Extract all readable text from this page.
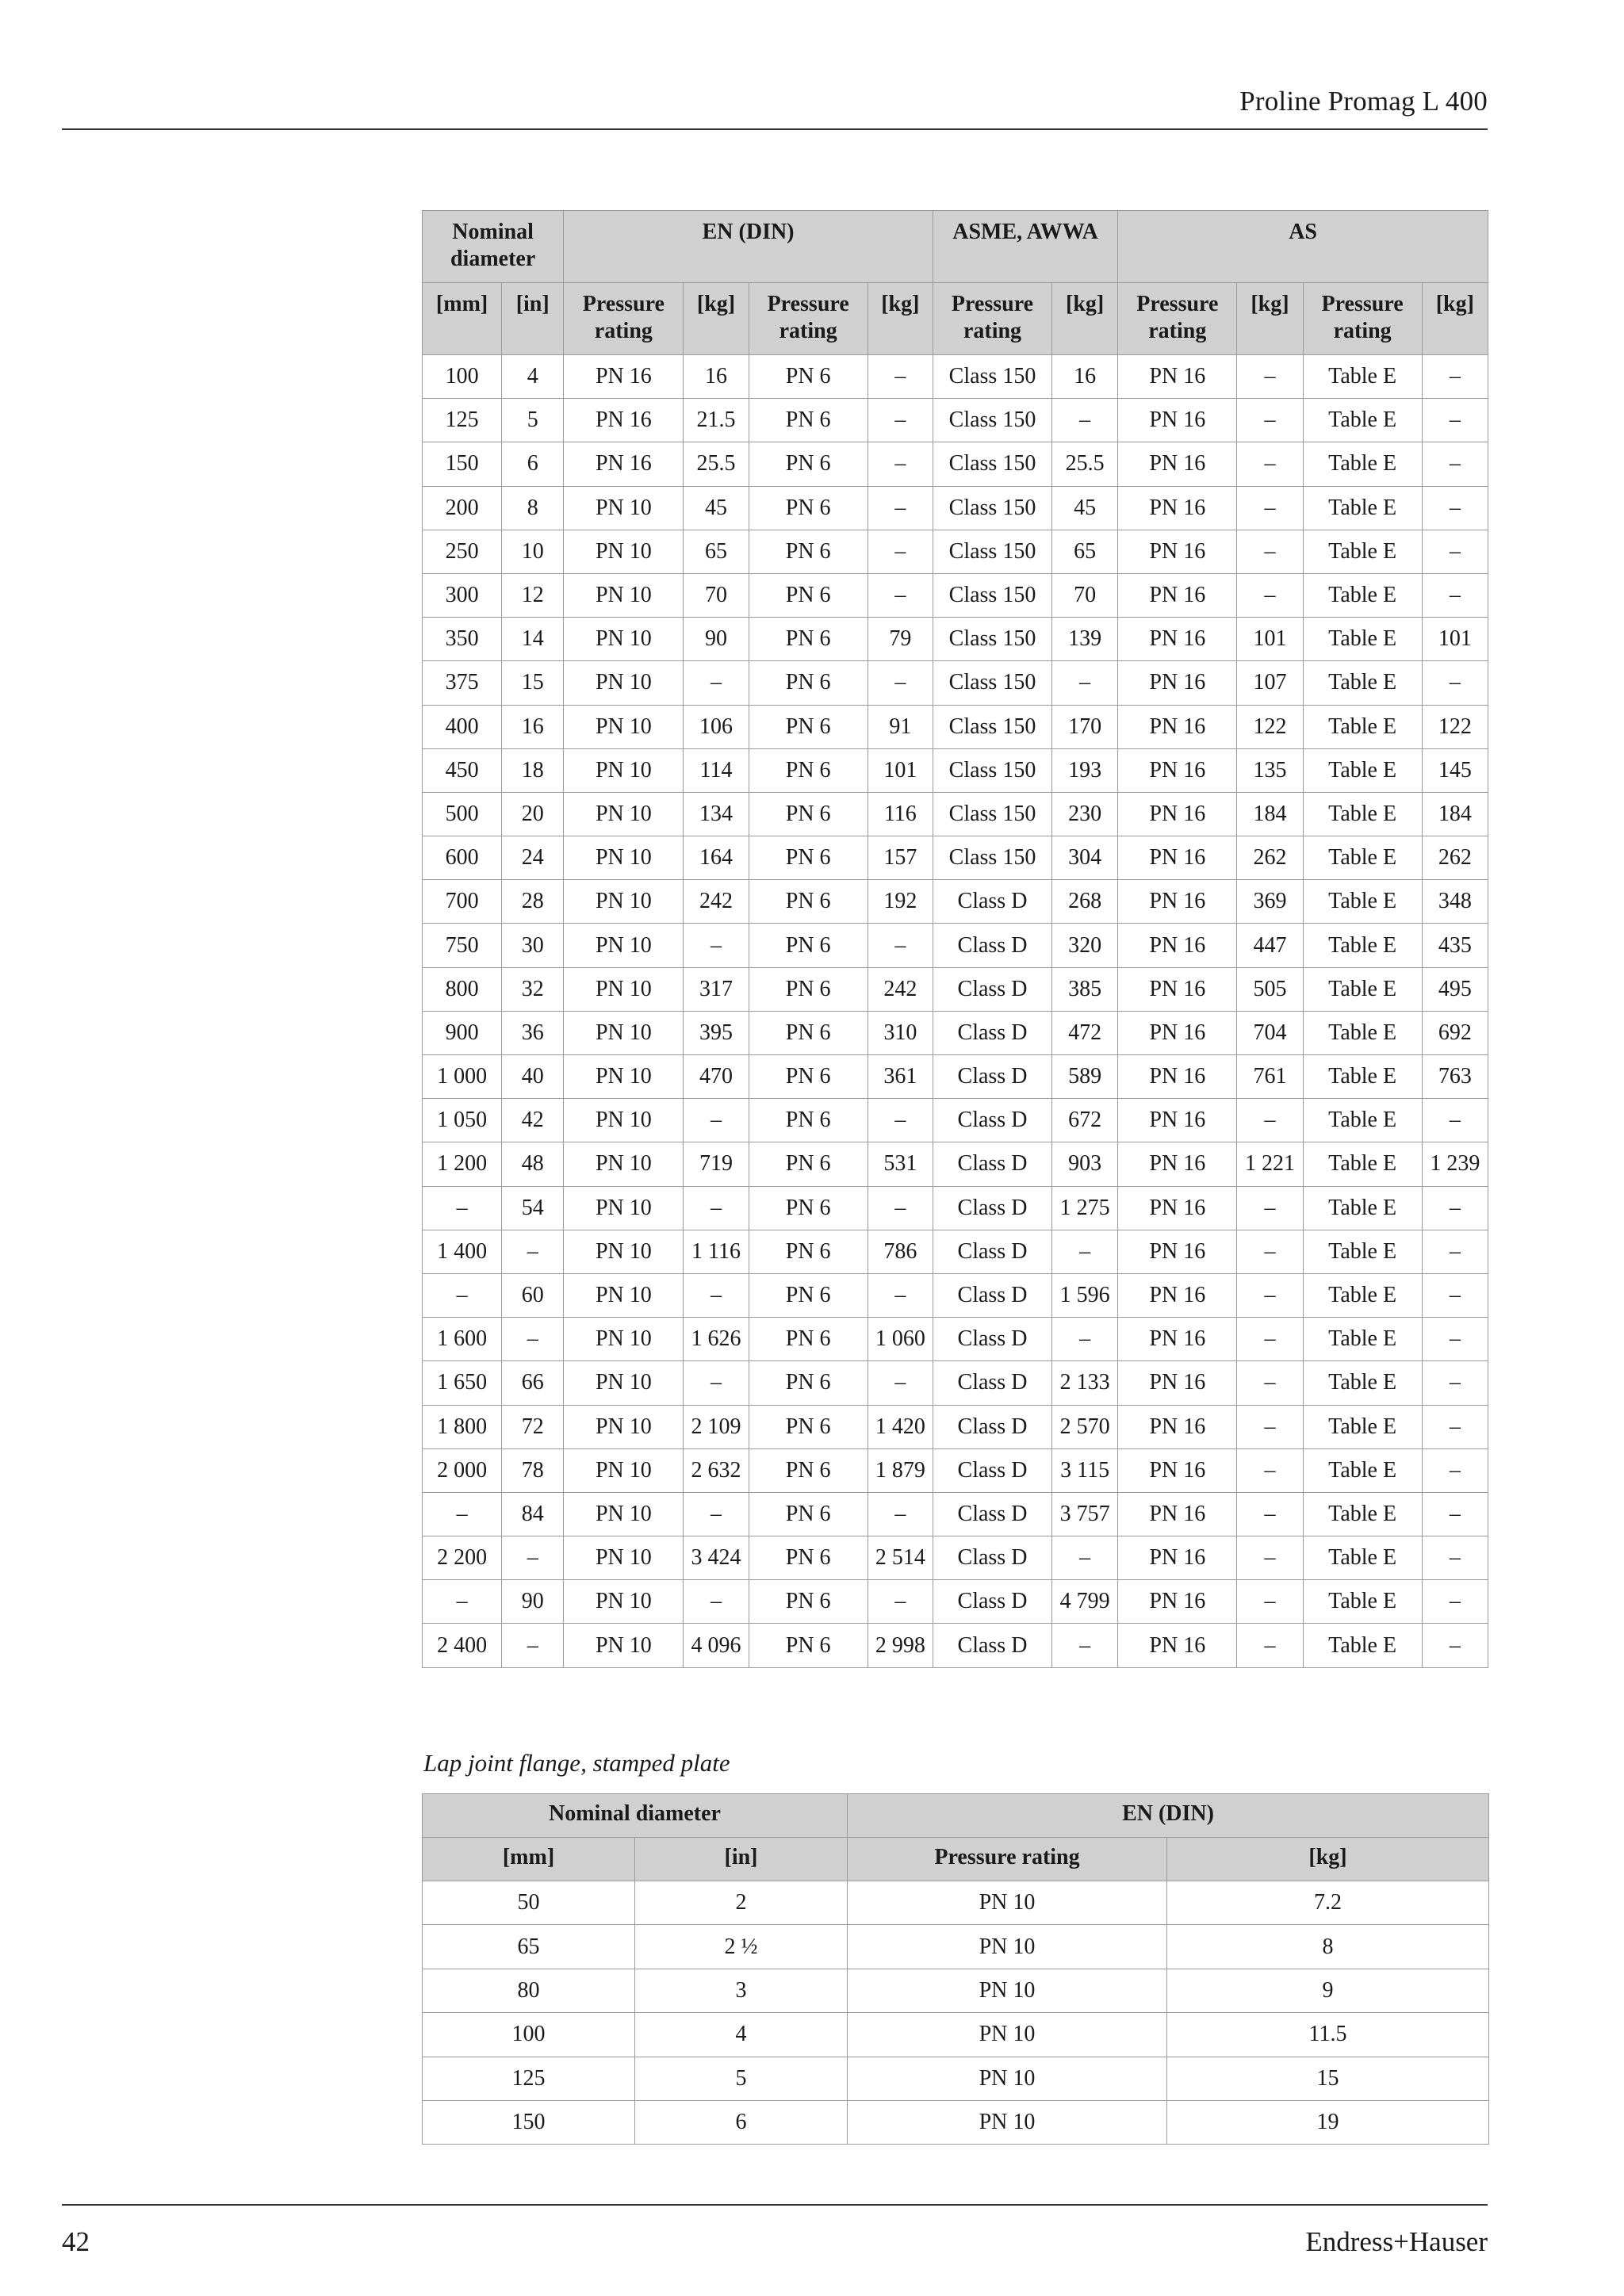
Proline Promag L 400
Nominal diameter		EN (DIN)				ASME, AWWA		AS			
[mm]	[in]	Pressure rating	[kg]	Pressure rating	[kg]	Pressure rating	[kg]	Pressure rating	[kg]	Pressure rating	[kg]
100	4	PN 16	16	PN 6	–	Class 150	16	PN 16	–	Table E	–
125	5	PN 16	21.5	PN 6	–	Class 150	–	PN 16	–	Table E	–
150	6	PN 16	25.5	PN 6	–	Class 150	25.5	PN 16	–	Table E	–
200	8	PN 10	45	PN 6	–	Class 150	45	PN 16	–	Table E	–
250	10	PN 10	65	PN 6	–	Class 150	65	PN 16	–	Table E	–
300	12	PN 10	70	PN 6	–	Class 150	70	PN 16	–	Table E	–
350	14	PN 10	90	PN 6	79	Class 150	139	PN 16	101	Table E	101
375	15	PN 10	–	PN 6	–	Class 150	–	PN 16	107	Table E	–
400	16	PN 10	106	PN 6	91	Class 150	170	PN 16	122	Table E	122
450	18	PN 10	114	PN 6	101	Class 150	193	PN 16	135	Table E	145
500	20	PN 10	134	PN 6	116	Class 150	230	PN 16	184	Table E	184
600	24	PN 10	164	PN 6	157	Class 150	304	PN 16	262	Table E	262
700	28	PN 10	242	PN 6	192	Class D	268	PN 16	369	Table E	348
750	30	PN 10	–	PN 6	–	Class D	320	PN 16	447	Table E	435
800	32	PN 10	317	PN 6	242	Class D	385	PN 16	505	Table E	495
900	36	PN 10	395	PN 6	310	Class D	472	PN 16	704	Table E	692
1 000	40	PN 10	470	PN 6	361	Class D	589	PN 16	761	Table E	763
1 050	42	PN 10	–	PN 6	–	Class D	672	PN 16	–	Table E	–
1 200	48	PN 10	719	PN 6	531	Class D	903	PN 16	1 221	Table E	1 239
–	54	PN 10	–	PN 6	–	Class D	1 275	PN 16	–	Table E	–
1 400	–	PN 10	1 116	PN 6	786	Class D	–	PN 16	–	Table E	–
–	60	PN 10	–	PN 6	–	Class D	1 596	PN 16	–	Table E	–
1 600	–	PN 10	1 626	PN 6	1 060	Class D	–	PN 16	–	Table E	–
1 650	66	PN 10	–	PN 6	–	Class D	2 133	PN 16	–	Table E	–
1 800	72	PN 10	2 109	PN 6	1 420	Class D	2 570	PN 16	–	Table E	–
2 000	78	PN 10	2 632	PN 6	1 879	Class D	3 115	PN 16	–	Table E	–
–	84	PN 10	–	PN 6	–	Class D	3 757	PN 16	–	Table E	–
2 200	–	PN 10	3 424	PN 6	2 514	Class D	–	PN 16	–	Table E	–
–	90	PN 10	–	PN 6	–	Class D	4 799	PN 16	–	Table E	–
2 400	–	PN 10	4 096	PN 6	2 998	Class D	–	PN 16	–	Table E	–
Lap joint flange, stamped plate
Nominal diameter		EN (DIN)	
[mm]	[in]	Pressure rating	[kg]
50	2	PN 10	7.2
65	2 ½	PN 10	8
80	3	PN 10	9
100	4	PN 10	11.5
125	5	PN 10	15
150	6	PN 10	19
42	Endress+Hauser
